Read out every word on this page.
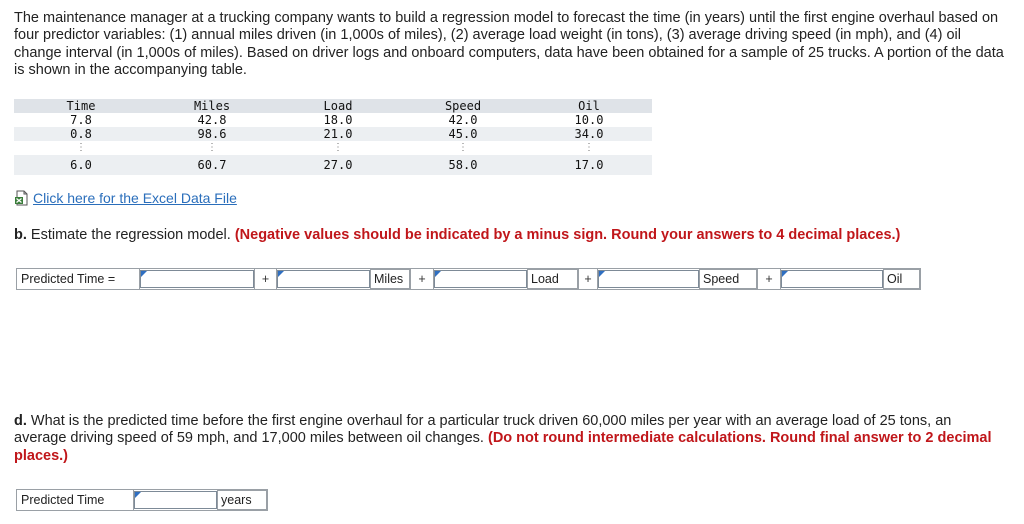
The maintenance manager at a trucking company wants to build a regression model to forecast the time (in years) until the first engine overhaul based on four predictor variables: (1) annual miles driven (in 1,000s of miles), (2) average load weight (in tons), (3) average driving speed (in mph), and (4) oil change interval (in 1,000s of miles). Based on driver logs and onboard computers, data have been obtained for a sample of 25 trucks. A portion of the data is shown in the accompanying table.

Time	Miles	Load	Speed	Oil
7.8	42.8	18.0	42.0	10.0
0.8	98.6	21.0	45.0	34.0
⋮	⋮	⋮	⋮	⋮
6.0	60.7	27.0	58.0	17.0
Click here for the Excel Data File

b. Estimate the regression model. (Negative values should be indicated by a minus sign. Round your answers to 4 decimal places.)

Predicted Time =	+	Miles	+	Load	+	Speed	+	Oil

d. What is the predicted time before the first engine overhaul for a particular truck driven 60,000 miles per year with an average load of 25 tons, an average driving speed of 59 mph, and 17,000 miles between oil changes. (Do not round intermediate calculations. Round final answer to 2 decimal places.)

Predicted Time	years
